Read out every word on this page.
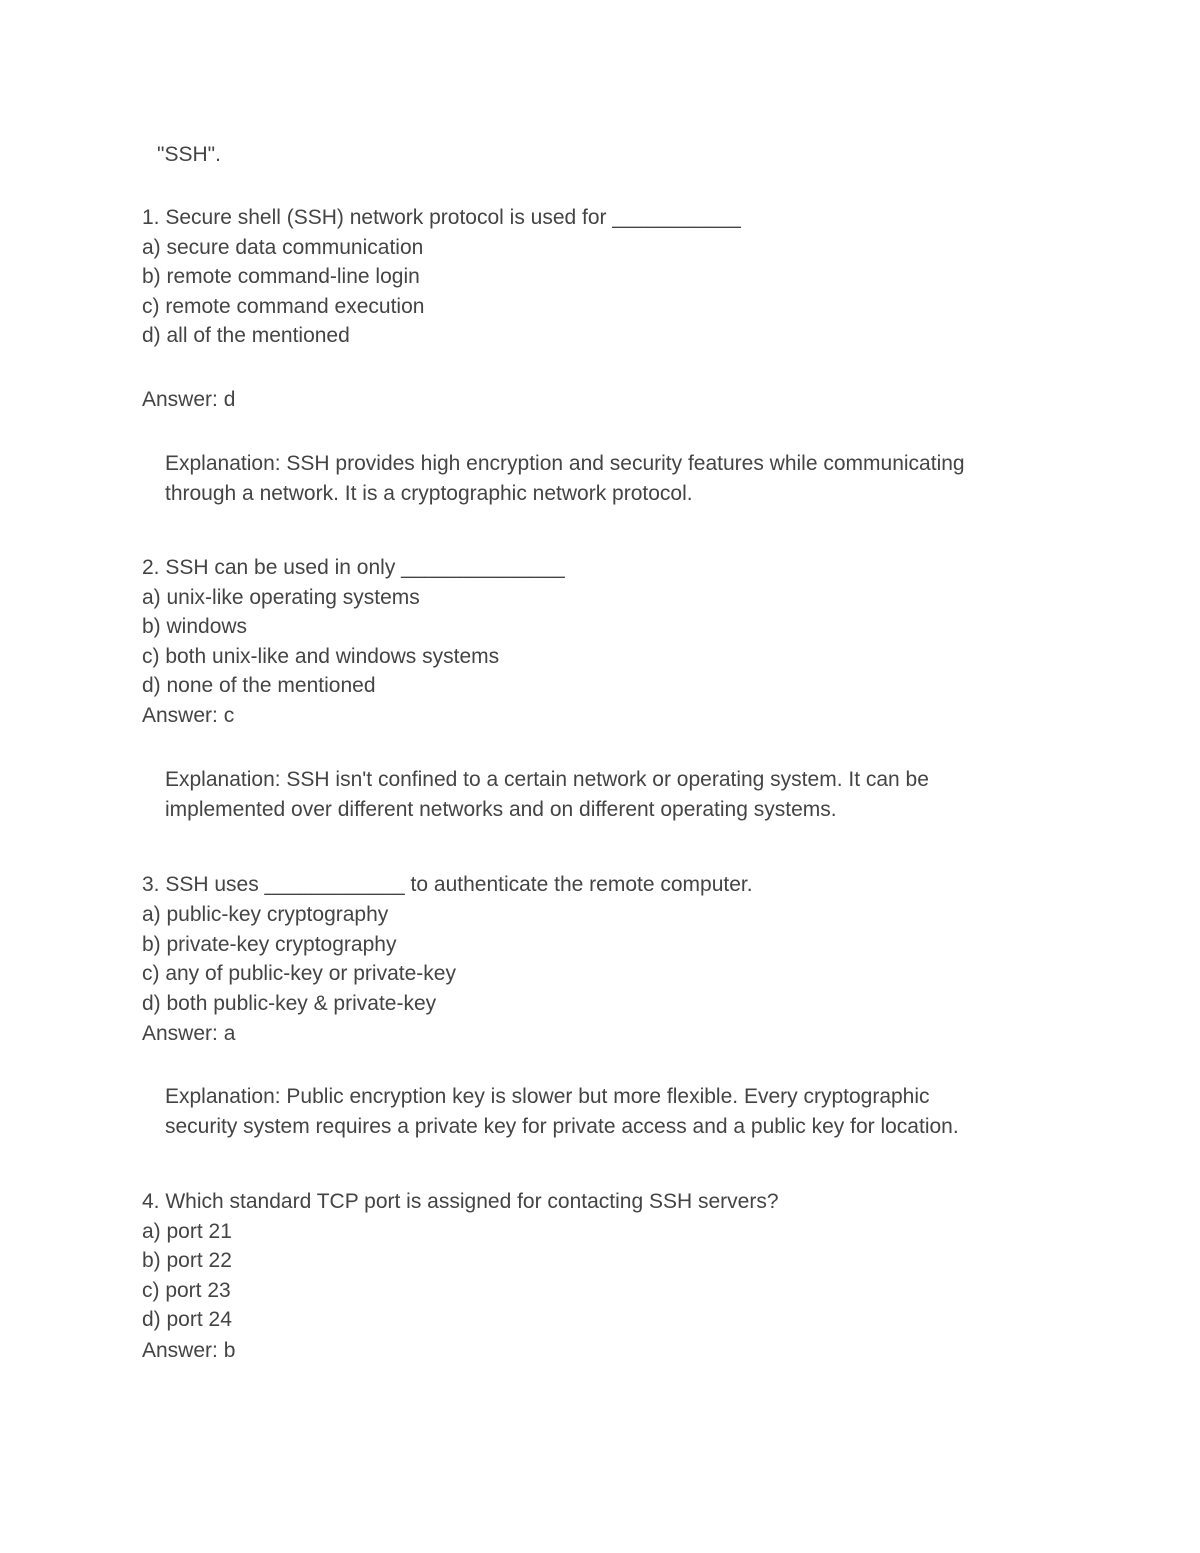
"SSH".
1. Secure shell (SSH) network protocol is used for ___________
a) secure data communication
b) remote command-line login
c) remote command execution
d) all of the mentioned
Answer: d
Explanation: SSH provides high encryption and security features while communicating
through a network. It is a cryptographic network protocol.
2. SSH can be used in only ______________
a) unix-like operating systems
b) windows
c) both unix-like and windows systems
d) none of the mentioned
Answer: c
Explanation: SSH isn't confined to a certain network or operating system. It can be
implemented over different networks and on different operating systems.
3. SSH uses ____________ to authenticate the remote computer.
a) public-key cryptography
b) private-key cryptography
c) any of public-key or private-key
d) both public-key & private-key
Answer: a
Explanation: Public encryption key is slower but more flexible. Every cryptographic
security system requires a private key for private access and a public key for location.
4. Which standard TCP port is assigned for contacting SSH servers?
a) port 21
b) port 22
c) port 23
d) port 24
Answer: b
